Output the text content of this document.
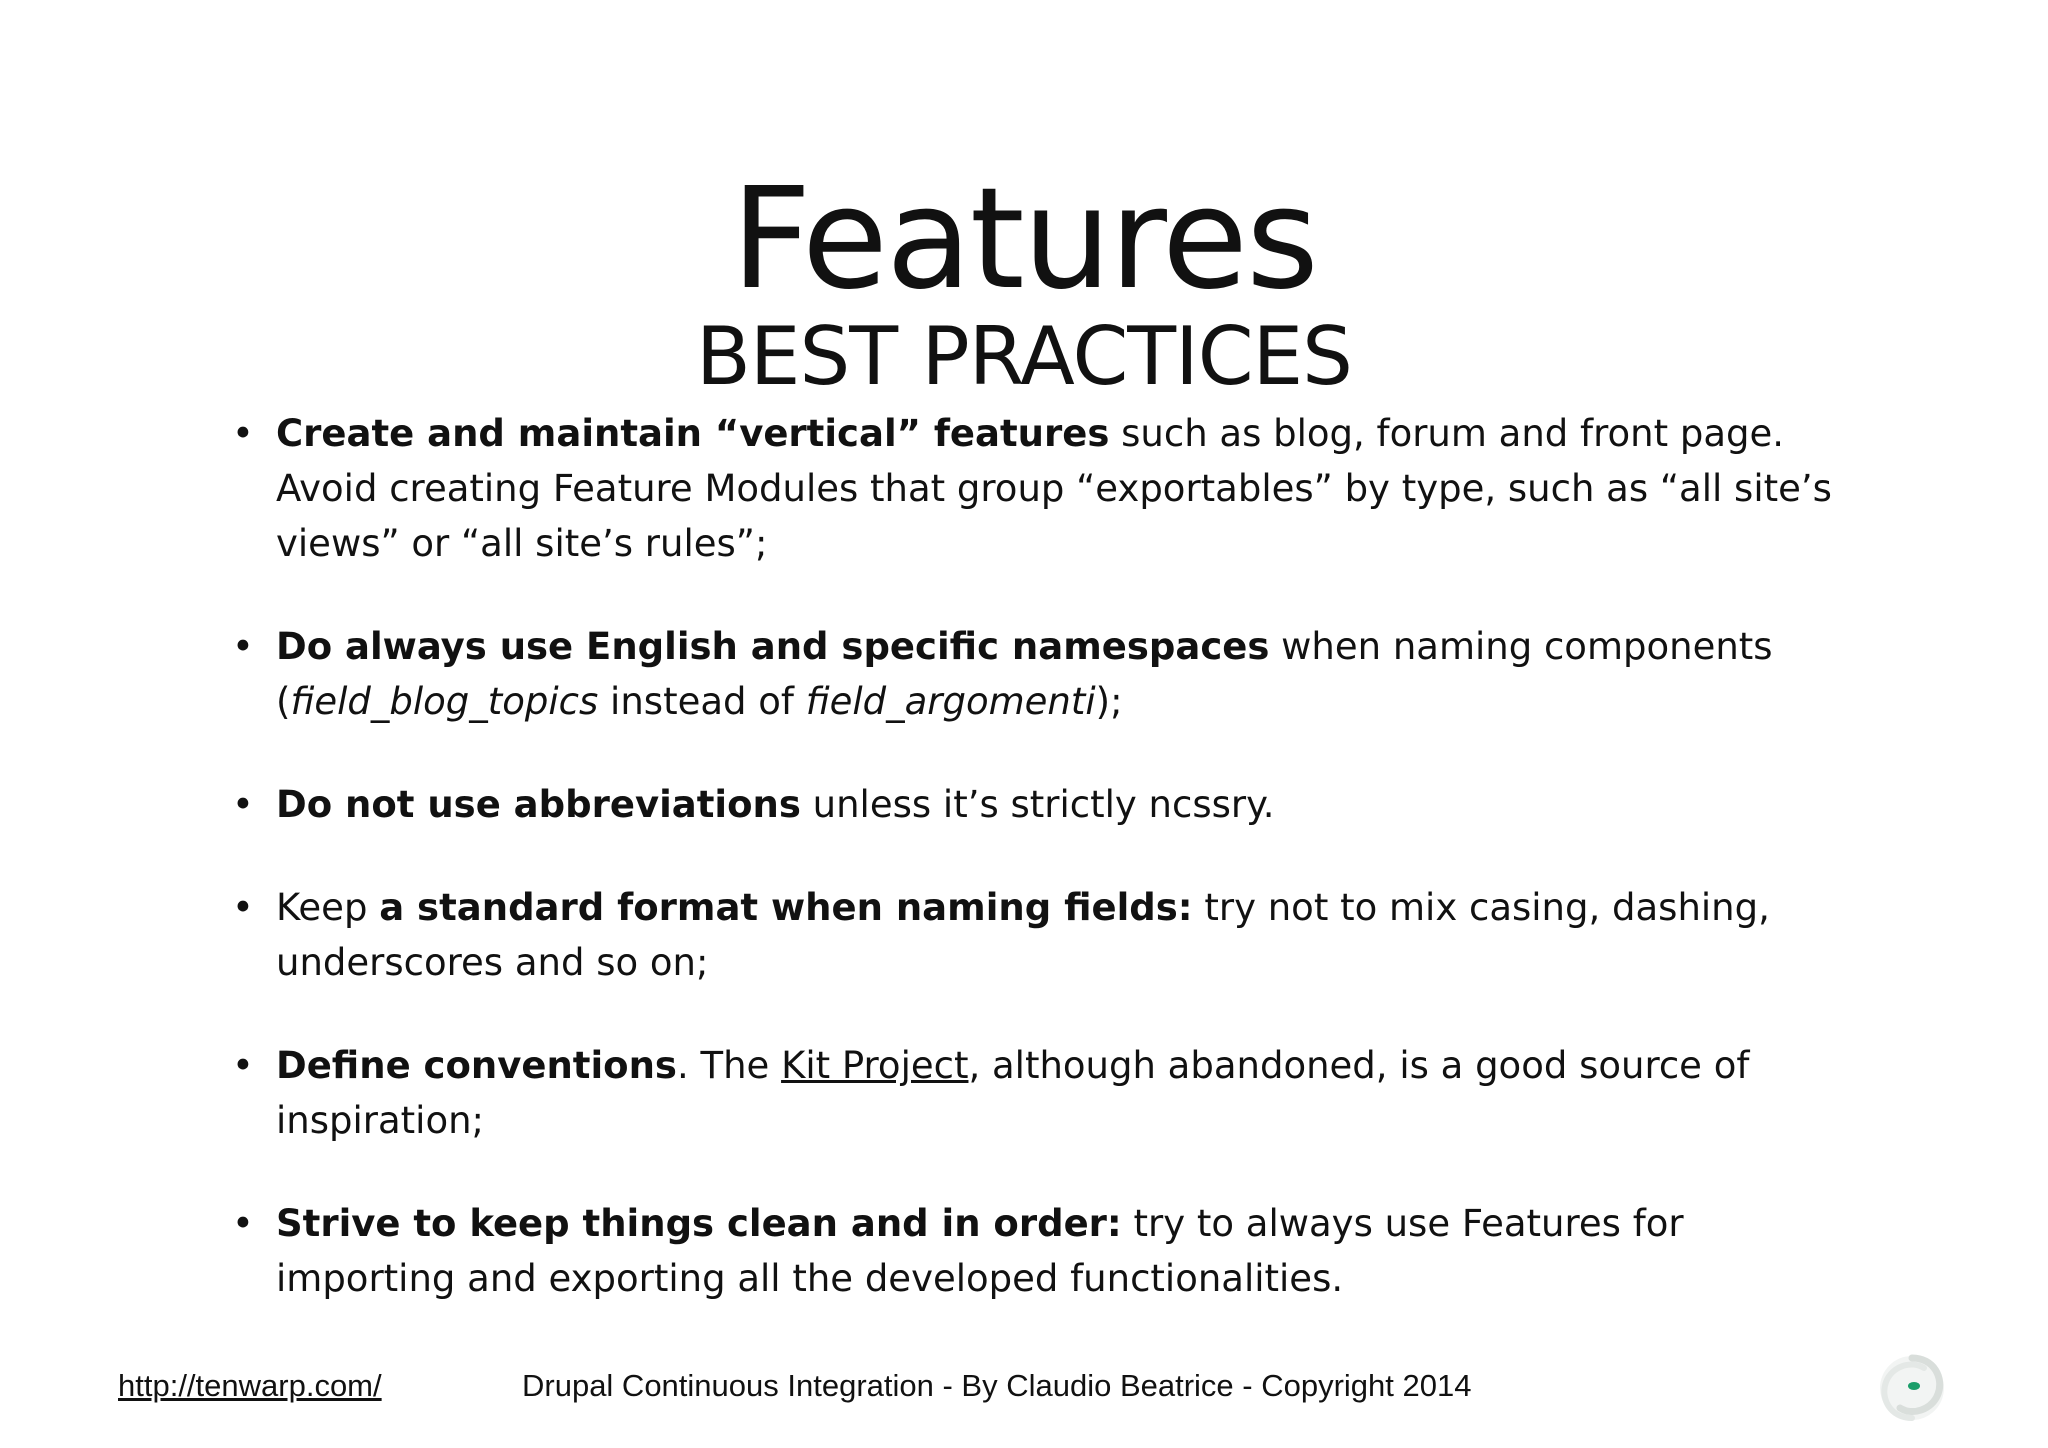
Features
BEST PRACTICES
• Create and maintain “vertical” features such as blog, forum and front page. Avoid creating Feature Modules that group “exportables” by type, such as “all site’s views” or “all site’s rules”;
• Do always use English and specific namespaces when naming components (field_blog_topics instead of field_argomenti);
• Do not use abbreviations unless it’s strictly ncssry.
• Keep a standard format when naming fields: try not to mix casing, dashing, underscores and so on;
• Define conventions. The Kit Project, although abandoned, is a good source of inspiration;
• Strive to keep things clean and in order: try to always use Features for importing and exporting all the developed functionalities.
http://tenwarp.com/	Drupal Continuous Integration - By Claudio Beatrice - Copyright 2014
